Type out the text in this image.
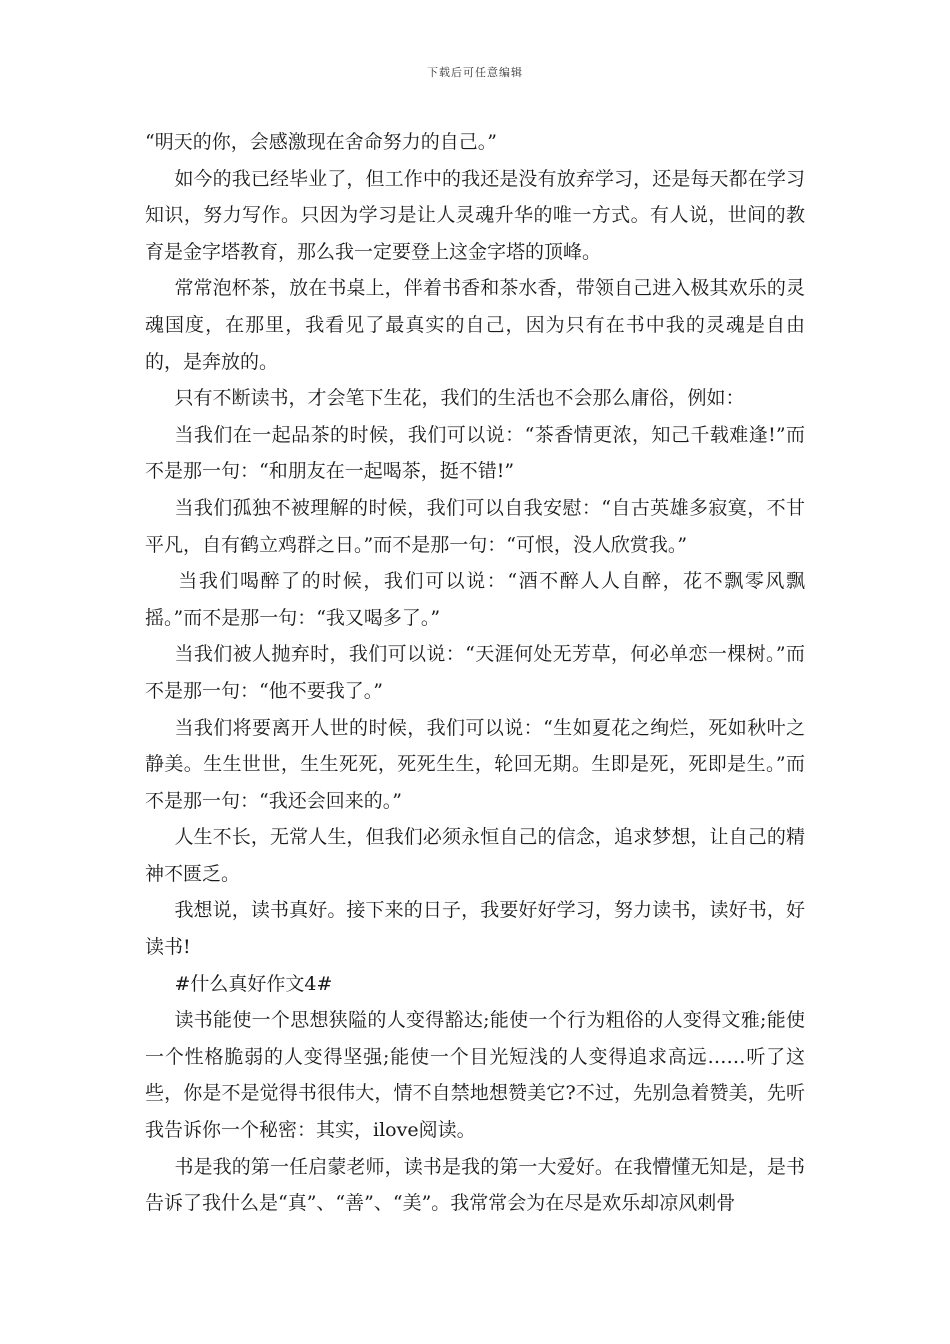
下载后可任意编辑

“明天的你，会感激现在舍命努力的自己。”

如今的我已经毕业了，但工作中的我还是没有放弃学习，还是每天都在学习知识，努力写作。只因为学习是让人灵魂升华的唯一方式。有人说，世间的教育是金字塔教育，那么我一定要登上这金字塔的顶峰。

常常泡杯茶，放在书桌上，伴着书香和茶水香，带领自己进入极其欢乐的灵魂国度，在那里，我看见了最真实的自己，因为只有在书中我的灵魂是自由的，是奔放的。

只有不断读书，才会笔下生花，我们的生活也不会那么庸俗，例如：

当我们在一起品茶的时候，我们可以说：“茶香情更浓，知己千载难逢!”而不是那一句：“和朋友在一起喝茶，挺不错!”

当我们孤独不被理解的时候，我们可以自我安慰：“自古英雄多寂寞，不甘平凡，自有鹤立鸡群之日。”而不是那一句：“可恨，没人欣赏我。”

当我们喝醉了的时候，我们可以说：“酒不醉人人自醉，花不飘零风飘摇。”而不是那一句：“我又喝多了。”

当我们被人抛弃时，我们可以说：“天涯何处无芳草，何必单恋一棵树。”而不是那一句：“他不要我了。”

当我们将要离开人世的时候，我们可以说：“生如夏花之绚烂，死如秋叶之静美。生生世世，生生死死，死死生生，轮回无期。生即是死，死即是生。”而不是那一句：“我还会回来的。”

人生不长，无常人生，但我们必须永恒自己的信念，追求梦想，让自己的精神不匮乏。

我想说，读书真好。接下来的日子，我要好好学习，努力读书，读好书，好读书!

#什么真好作文4#

读书能使一个思想狭隘的人变得豁达;能使一个行为粗俗的人变得文雅;能使一个性格脆弱的人变得坚强;能使一个目光短浅的人变得追求高远……听了这些，你是不是觉得书很伟大，情不自禁地想赞美它?不过，先别急着赞美，先听我告诉你一个秘密：其实，ilove阅读。

书是我的第一任启蒙老师，读书是我的第一大爱好。在我懵懂无知是，是书告诉了我什么是“真”、“善”、“美”。我常常会为在尽是欢乐却凉风刺骨
